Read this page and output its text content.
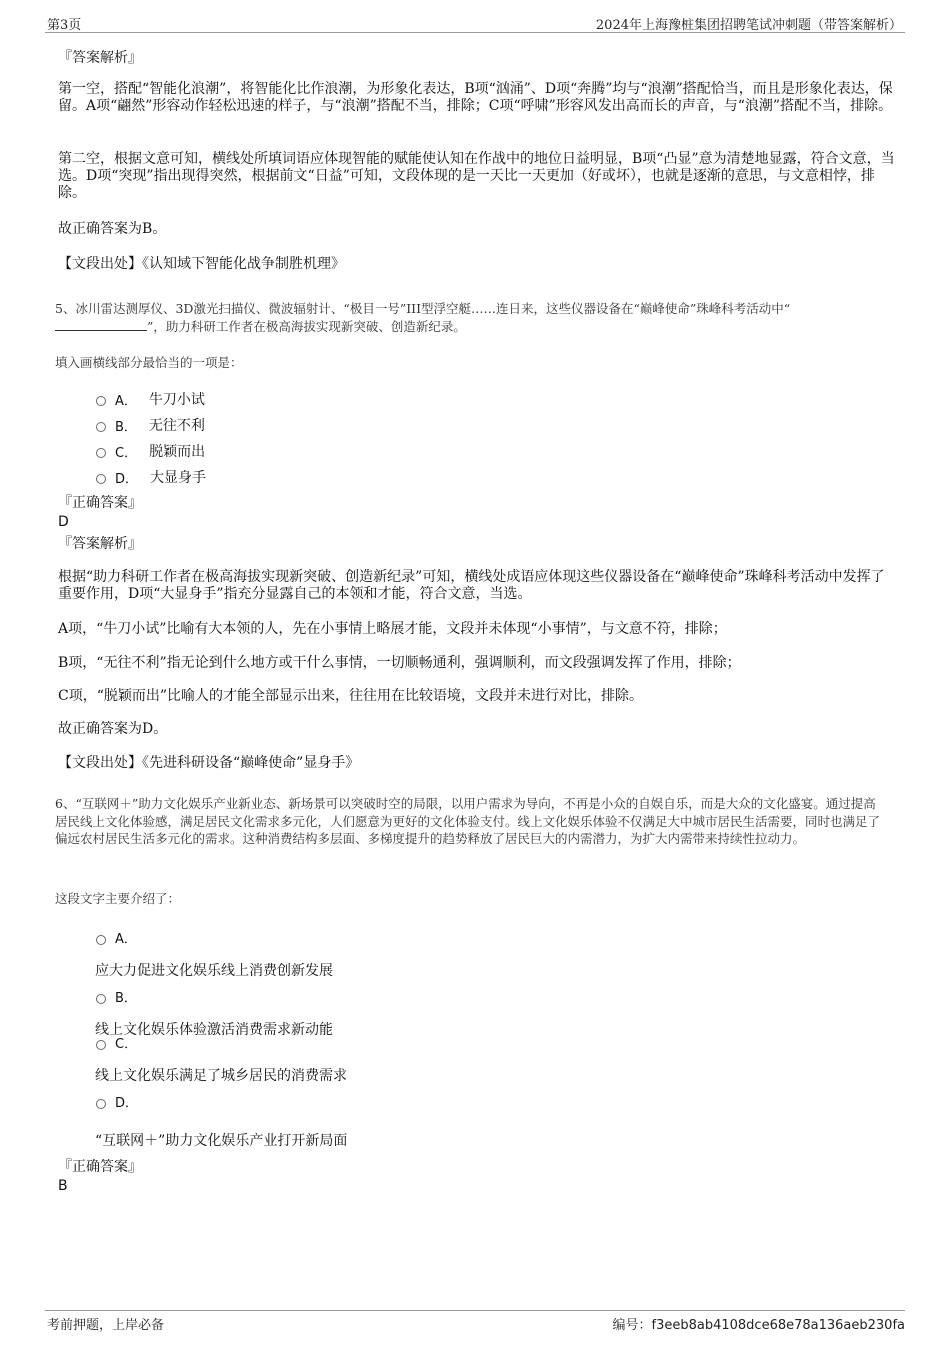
第3页	2024年上海豫桩集团招聘笔试冲刺题（带答案解析）
『答案解析』
第一空，搭配“智能化浪潮”，将智能化比作浪潮，为形象化表达，B项“汹涌”、D项“奔腾”均与“浪潮”搭配恰当，而且是形象化表达，保留。A项“翩然”形容动作轻松迅速的样子，与“浪潮”搭配不当，排除；C项“呼啸”形容风发出高而长的声音，与“浪潮”搭配不当，排除。
第二空，根据文意可知，横线处所填词语应体现智能的赋能使认知在作战中的地位日益明显，B项“凸显”意为清楚地显露，符合文意，当选。D项“突现”指出现得突然，根据前文“日益”可知，文段体现的是一天比一天更加（好或坏），也就是逐渐的意思，与文意相悖，排除。
故正确答案为B。
【文段出处】《认知域下智能化战争制胜机理》
5、冰川雷达测厚仪、3D激光扫描仪、微波辐射计、“极目一号”III型浮空艇……连日来，这些仪器设备在“巅峰使命”珠峰科考活动中“
”，助力科研工作者在极高海拔实现新突破、创造新纪录。
填入画横线部分最恰当的一项是：
A． 牛刀小试
B． 无往不利
C． 脱颖而出
D． 大显身手
『正确答案』
D
『答案解析』
根据“助力科研工作者在极高海拔实现新突破、创造新纪录”可知，横线处成语应体现这些仪器设备在“巅峰使命”珠峰科考活动中发挥了重要作用，D项“大显身手”指充分显露自己的本领和才能，符合文意，当选。
A项，“牛刀小试”比喻有大本领的人，先在小事情上略展才能，文段并未体现“小事情”，与文意不符，排除；
B项，“无往不利”指无论到什么地方或干什么事情，一切顺畅通利，强调顺利，而文段强调发挥了作用，排除；
C项，“脱颖而出”比喻人的才能全部显示出来，往往用在比较语境，文段并未进行对比，排除。
故正确答案为D。
【文段出处】《先进科研设备“巅峰使命”显身手》
6、“互联网＋”助力文化娱乐产业新业态、新场景可以突破时空的局限，以用户需求为导向，不再是小众的自娱自乐，而是大众的文化盛宴。通过提高居民线上文化体验感，满足居民文化需求多元化，人们愿意为更好的文化体验支付。线上文化娱乐体验不仅满足大中城市居民生活需要，同时也满足了偏远农村居民生活多元化的需求。这种消费结构多层面、多梯度提升的趋势释放了居民巨大的内需潜力，为扩大内需带来持续性拉动力。
这段文字主要介绍了：
A．
应大力促进文化娱乐线上消费创新发展
B．
线上文化娱乐体验激活消费需求新动能
C．
线上文化娱乐满足了城乡居民的消费需求
D．
“互联网＋”助力文化娱乐产业打开新局面
『正确答案』
B
考前押题，上岸必备	编号：f3eeb8ab4108dce68e78a136aeb230fa
